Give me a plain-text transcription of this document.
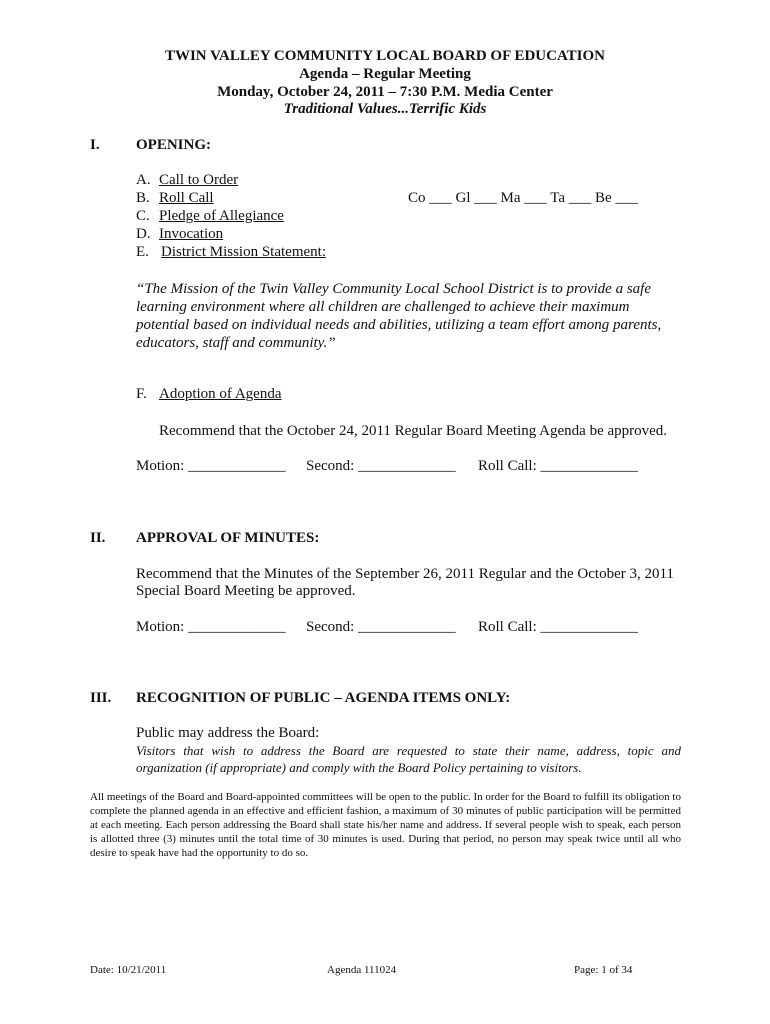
TWIN VALLEY COMMUNITY LOCAL BOARD OF EDUCATION
Agenda – Regular Meeting
Monday, October 24, 2011 – 7:30 P.M. Media Center
Traditional Values...Terrific Kids
I. OPENING:
A. Call to Order
B. Roll Call	Co ___ Gl ___ Ma ___ Ta ___ Be ___
C. Pledge of Allegiance
D. Invocation
E. District Mission Statement:
“The Mission of the Twin Valley Community Local School District is to provide a safe
learning environment where all children are challenged to achieve their maximum
potential based on individual needs and abilities, utilizing a team effort among parents,
educators, staff and community.”
F. Adoption of Agenda
Recommend that the October 24, 2011 Regular Board Meeting Agenda be approved.
Motion: _____________ Second: _____________ Roll Call: _____________
II. APPROVAL OF MINUTES:
Recommend that the Minutes of the September 26, 2011 Regular and the October 3, 2011
Special Board Meeting be approved.
Motion: _____________ Second: _____________ Roll Call: _____________
III. RECOGNITION OF PUBLIC – AGENDA ITEMS ONLY:
Public may address the Board:
Visitors that wish to address the Board are requested to state their name, address, topic and organization (if appropriate) and comply with the Board Policy pertaining to visitors.
All meetings of the Board and Board-appointed committees will be open to the public. In order for the Board to fulfill its obligation to complete the planned agenda in an effective and efficient fashion, a maximum of 30 minutes of public participation will be permitted at each meeting. Each person addressing the Board shall state his/her name and address. If several people wish to speak, each person is allotted three (3) minutes until the total time of 30 minutes is used. During that period, no person may speak twice until all who desire to speak have had the opportunity to do so.
Date: 10/21/2011	Agenda 111024	Page: 1 of 34
